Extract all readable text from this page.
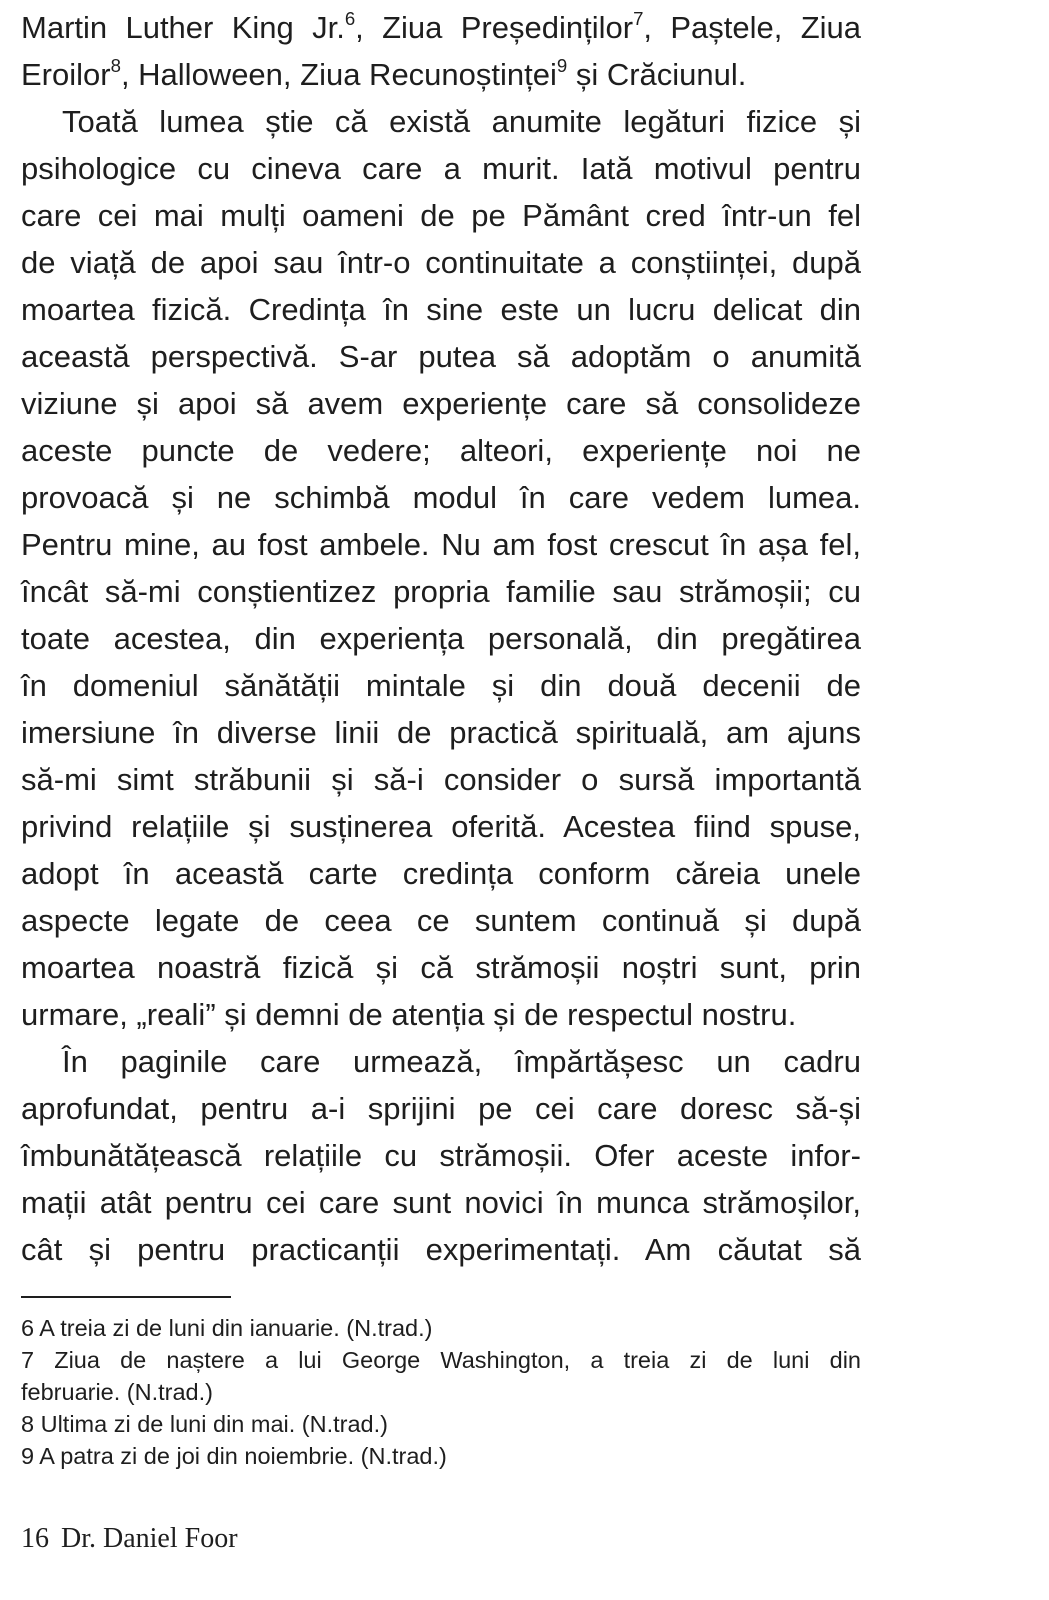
Martin Luther King Jr.$^6$, Ziua Președinților$^7$, Paștele, Ziua
Eroilor$^8$, Halloween, Ziua Recunoștinței$^9$ și Crăciunul.
Toată lumea știe că există anumite legături fizice și
psihologice cu cineva care a murit. Iată motivul pentru
care cei mai mulți oameni de pe Pământ cred într-un fel
de viață de apoi sau într-o continuitate a conștiinței, după
moartea fizică. Credința în sine este un lucru delicat din
această perspectivă. S-ar putea să adoptăm o anumită
viziune și apoi să avem experiențe care să consolideze
aceste puncte de vedere; alteori, experiențe noi ne
provoacă și ne schimbă modul în care vedem lumea.
Pentru mine, au fost ambele. Nu am fost crescut în așa fel,
încât să-mi conștientizez propria familie sau strămoșii; cu
toate acestea, din experiența personală, din pregătirea
în domeniul sănătății mintale și din două decenii de
imersiune în diverse linii de practică spirituală, am ajuns
să-mi simt străbunii și să-i consider o sursă importantă
privind relațiile și susținerea oferită. Acestea fiind spuse,
adopt în această carte credința conform căreia unele
aspecte legate de ceea ce suntem continuă și după
moartea noastră fizică și că strămoșii noștri sunt, prin
urmare, „reali” și demni de atenția și de respectul nostru.
În paginile care urmează, împărtășesc un cadru
aprofundat, pentru a-i sprijini pe cei care doresc să-și
îmbunătățească relațiile cu strămoșii. Ofer aceste infor-
mații atât pentru cei care sunt novici în munca strămoșilor,
cât și pentru practicanții experimentați. Am căutat să
6 A treia zi de luni din ianuarie. (N.trad.)
7 Ziua de naștere a lui George Washington, a treia zi de luni din
februarie. (N.trad.)
8 Ultima zi de luni din mai. (N.trad.)
9 A patra zi de joi din noiembrie. (N.trad.)
16 Dr. Daniel Foor
